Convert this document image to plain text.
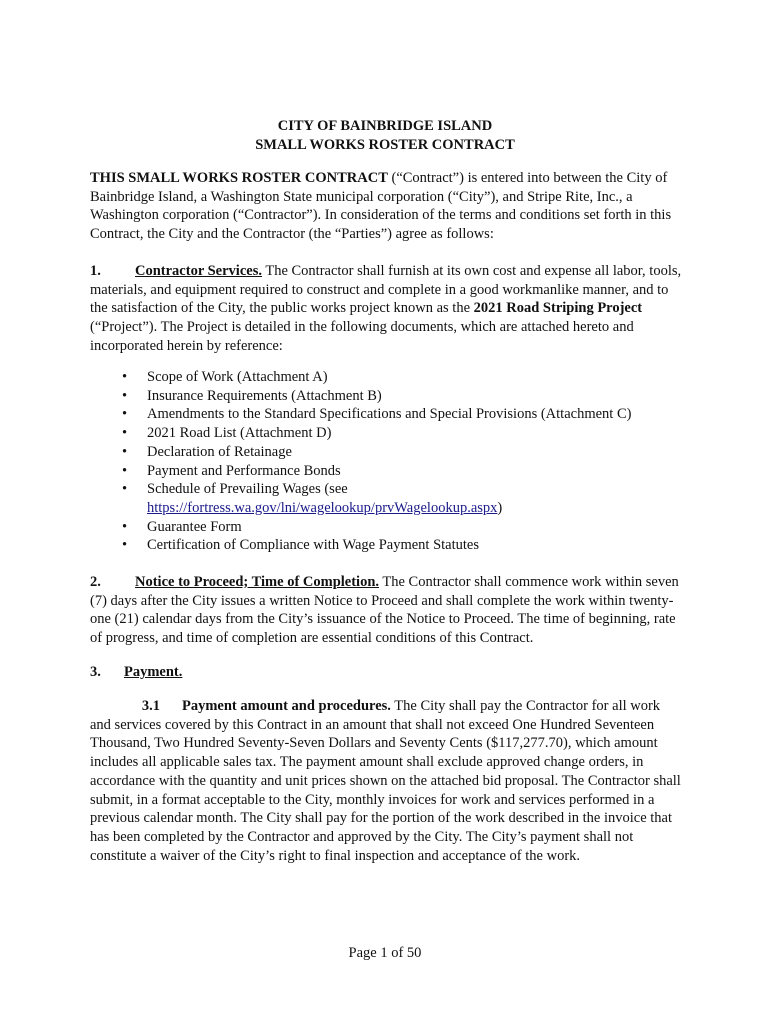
CITY OF BAINBRIDGE ISLAND
SMALL WORKS ROSTER CONTRACT

THIS SMALL WORKS ROSTER CONTRACT (“Contract”) is entered into between the City of Bainbridge Island, a Washington State municipal corporation (“City”), and Stripe Rite, Inc., a Washington corporation (“Contractor”). In consideration of the terms and conditions set forth in this Contract, the City and the Contractor (the “Parties”) agree as follows:

1. Contractor Services. The Contractor shall furnish at its own cost and expense all labor, tools, materials, and equipment required to construct and complete in a good workmanlike manner, and to the satisfaction of the City, the public works project known as the 2021 Road Striping Project (“Project”). The Project is detailed in the following documents, which are attached hereto and incorporated herein by reference:

• Scope of Work (Attachment A)
• Insurance Requirements (Attachment B)
• Amendments to the Standard Specifications and Special Provisions (Attachment C)
• 2021 Road List (Attachment D)
• Declaration of Retainage
• Payment and Performance Bonds
• Schedule of Prevailing Wages (see
https://fortress.wa.gov/lni/wagelookup/prvWagelookup.aspx)
• Guarantee Form
• Certification of Compliance with Wage Payment Statutes

2. Notice to Proceed; Time of Completion. The Contractor shall commence work within seven (7) days after the City issues a written Notice to Proceed and shall complete the work within twenty-one (21) calendar days from the City’s issuance of the Notice to Proceed. The time of beginning, rate of progress, and time of completion are essential conditions of this Contract.

3. Payment.

3.1 Payment amount and procedures. The City shall pay the Contractor for all work and services covered by this Contract in an amount that shall not exceed One Hundred Seventeen Thousand, Two Hundred Seventy-Seven Dollars and Seventy Cents ($117,277.70), which amount includes all applicable sales tax. The payment amount shall exclude approved change orders, in accordance with the quantity and unit prices shown on the attached bid proposal. The Contractor shall submit, in a format acceptable to the City, monthly invoices for work and services performed in a previous calendar month. The City shall pay for the portion of the work described in the invoice that has been completed by the Contractor and approved by the City. The City’s payment shall not constitute a waiver of the City’s right to final inspection and acceptance of the work.

Page 1 of 50
